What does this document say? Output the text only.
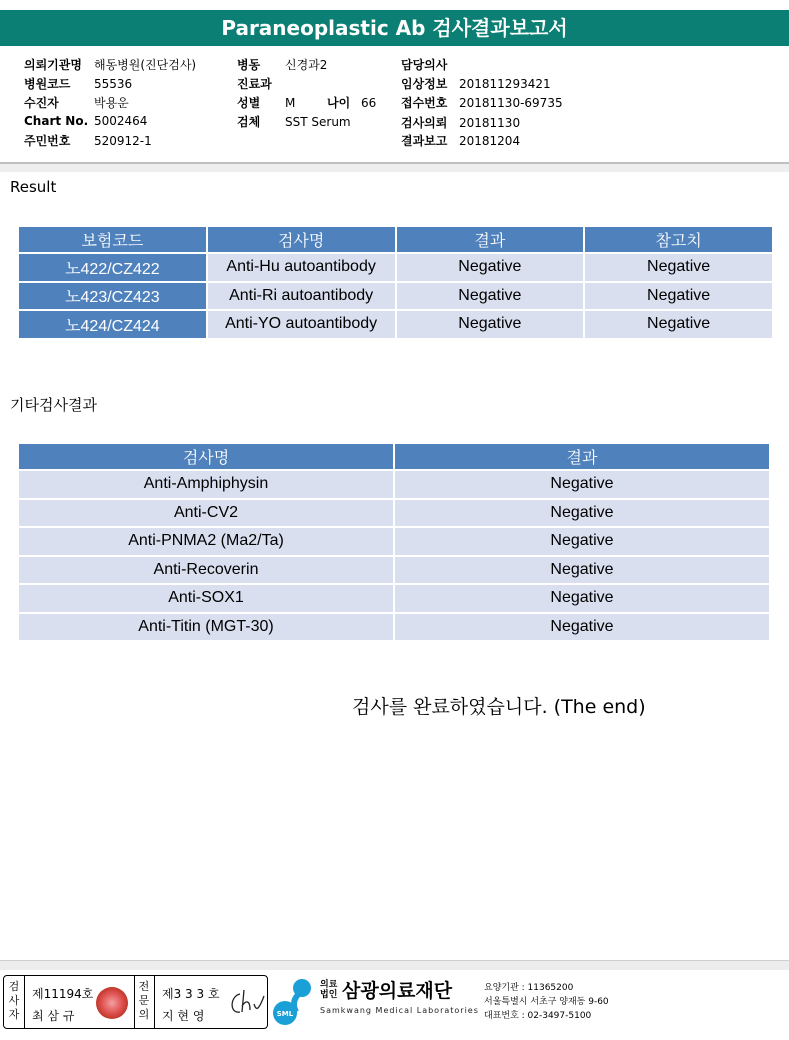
Paraneoplastic Ab 검사결과보고서
의뢰기관명 해동병원(진단검사)
병원코드 55536
수진자	박용운
Chart No. 5002464
주민번호 520912-1
병동 신경과2
진료과
성별 M	나이 66
검체 SST Serum
담당의사
임상정보 201811293421
접수번호 20181130-69735
검사의뢰 20181130
결과보고 20181204
Result
보험코드	검사명	결과	참고치
노422/CZ422	Anti-Hu autoantibody	Negative	Negative
노423/CZ423	Anti-Ri autoantibody	Negative	Negative
노424/CZ424	Anti-YO autoantibody	Negative	Negative
기타검사결과
검사명	결과
Anti-Amphiphysin	Negative
Anti-CV2	Negative
Anti-PNMA2 (Ma2/Ta)	Negative
Anti-Recoverin	Negative
Anti-SOX1	Negative
Anti-Titin (MGT-30)	Negative
검사를 완료하였습니다. (The end)
검
사
자
제11194호
최 삼 규
전
문
의
제3 3 3 호
지 현 영	SML
의료
법인 삼광의료재단
Samkwang Medical Laboratories
요양기관 : 11365200
서울특별시 서초구 양재동 9-60
대표번호 : 02-3497-5100
